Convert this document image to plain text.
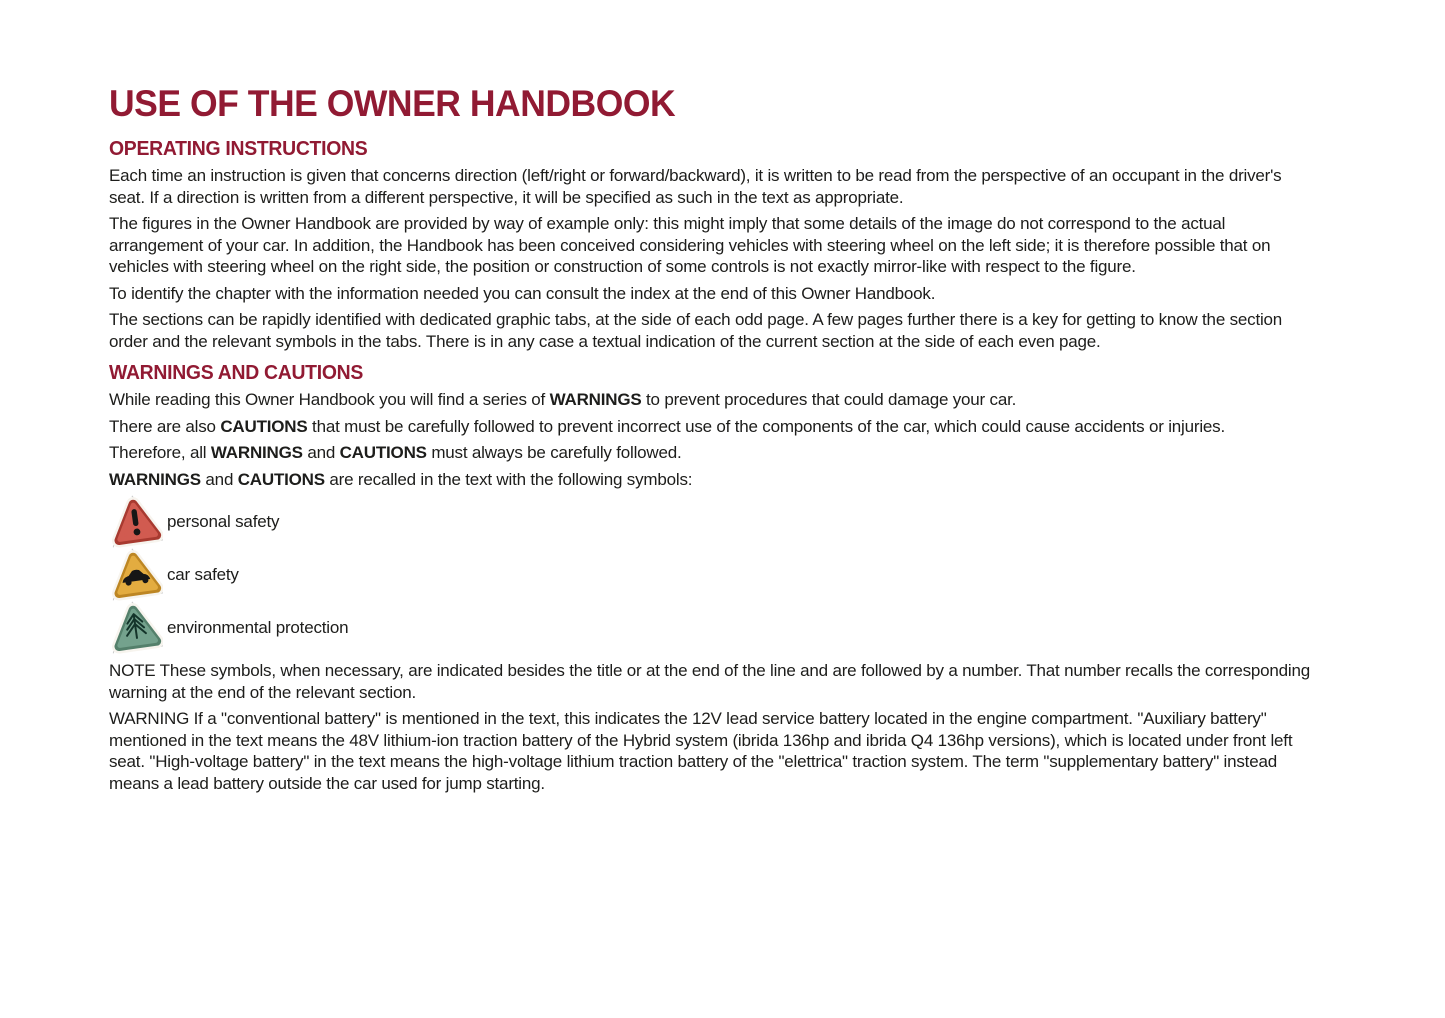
USE OF THE OWNER HANDBOOK
OPERATING INSTRUCTIONS

Each time an instruction is given that concerns direction (left/right or forward/backward), it is written to be read from the perspective of an occupant in the driver's seat. If a direction is written from a different perspective, it will be specified as such in the text as appropriate.

The figures in the Owner Handbook are provided by way of example only: this might imply that some details of the image do not correspond to the actual arrangement of your car. In addition, the Handbook has been conceived considering vehicles with steering wheel on the left side; it is therefore possible that on vehicles with steering wheel on the right side, the position or construction of some controls is not exactly mirror-like with respect to the figure.

To identify the chapter with the information needed you can consult the index at the end of this Owner Handbook.

The sections can be rapidly identified with dedicated graphic tabs, at the side of each odd page. A few pages further there is a key for getting to know the section order and the relevant symbols in the tabs. There is in any case a textual indication of the current section at the side of each even page.

WARNINGS AND CAUTIONS

While reading this Owner Handbook you will find a series of WARNINGS to prevent procedures that could damage your car.

There are also CAUTIONS that must be carefully followed to prevent incorrect use of the components of the car, which could cause accidents or injuries.

Therefore, all WARNINGS and CAUTIONS must always be carefully followed.

WARNINGS and CAUTIONS are recalled in the text with the following symbols:

personal safety
car safety
environmental protection

NOTE These symbols, when necessary, are indicated besides the title or at the end of the line and are followed by a number. That number recalls the corresponding warning at the end of the relevant section.

WARNING If a "conventional battery" is mentioned in the text, this indicates the 12V lead service battery located in the engine compartment. "Auxiliary battery" mentioned in the text means the 48V lithium-ion traction battery of the Hybrid system (ibrida 136hp and ibrida Q4 136hp versions), which is located under front left seat. "High-voltage battery" in the text means the high-voltage lithium traction battery of the "elettrica" traction system. The term "supplementary battery" instead means a lead battery outside the car used for jump starting.
